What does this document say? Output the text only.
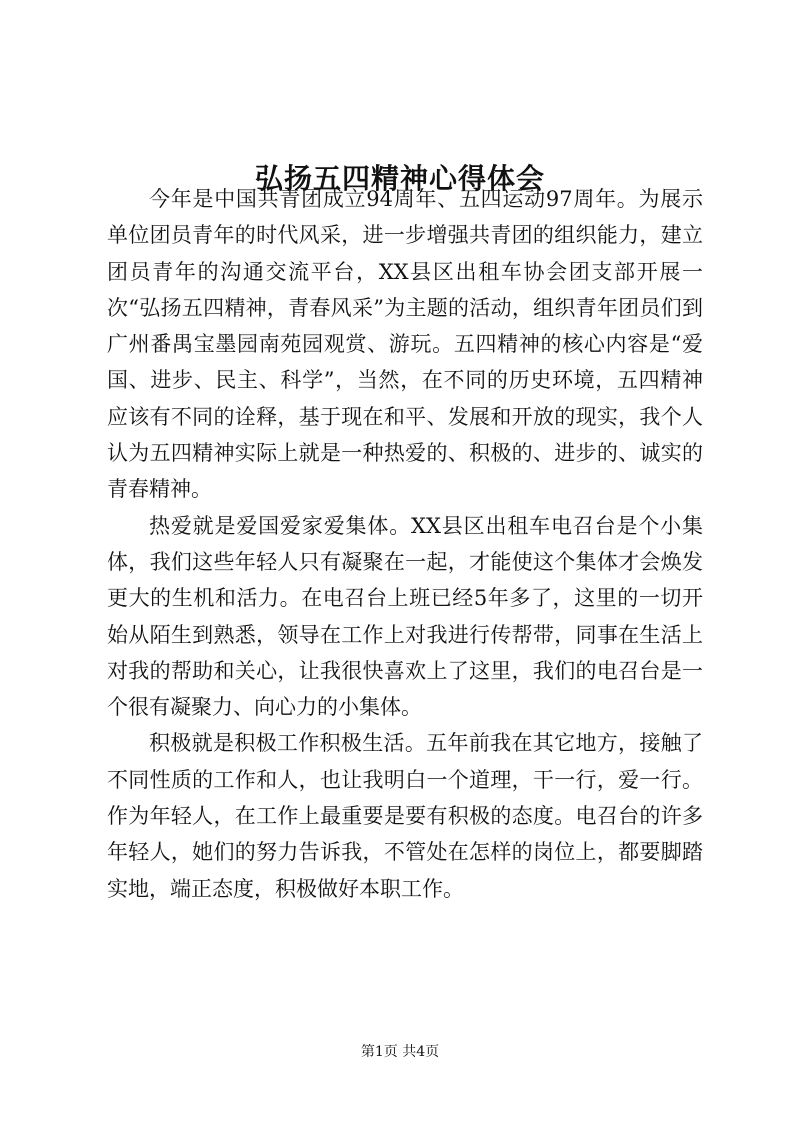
弘扬五四精神心得体会

今年是中国共青团成立94周年、五四运动97周年。为展示单位团员青年的时代风采，进一步增强共青团的组织能力，建立团员青年的沟通交流平台，XX县区出租车协会团支部开展一次“弘扬五四精神，青春风采”为主题的活动，组织青年团员们到广州番禺宝墨园南苑园观赏、游玩。五四精神的核心内容是“爱国、进步、民主、科学”，当然，在不同的历史环境，五四精神应该有不同的诠释，基于现在和平、发展和开放的现实，我个人认为五四精神实际上就是一种热爱的、积极的、进步的、诚实的青春精神。

热爱就是爱国爱家爱集体。XX县区出租车电召台是个小集体，我们这些年轻人只有凝聚在一起，才能使这个集体才会焕发更大的生机和活力。在电召台上班已经5年多了，这里的一切开始从陌生到熟悉，领导在工作上对我进行传帮带，同事在生活上对我的帮助和关心，让我很快喜欢上了这里，我们的电召台是一个很有凝聚力、向心力的小集体。

积极就是积极工作积极生活。五年前我在其它地方，接触了不同性质的工作和人，也让我明白一个道理，干一行，爱一行。作为年轻人，在工作上最重要是要有积极的态度。电召台的许多年轻人，她们的努力告诉我，不管处在怎样的岗位上，都要脚踏实地，端正态度，积极做好本职工作。

第1页 共4页
